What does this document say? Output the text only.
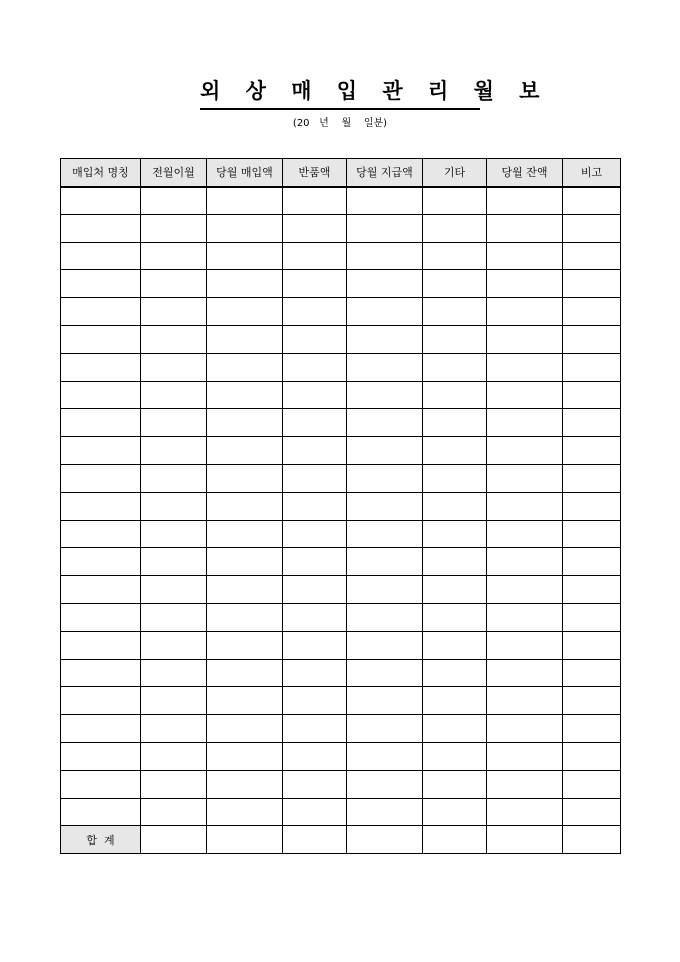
외 상 매 입 관 리 월 보
(20   년    월    일분)
매입처 명칭	전월이월	당월 매입액	반품액	당월 지급액	기타	당월 잔액	비고

합  계							
